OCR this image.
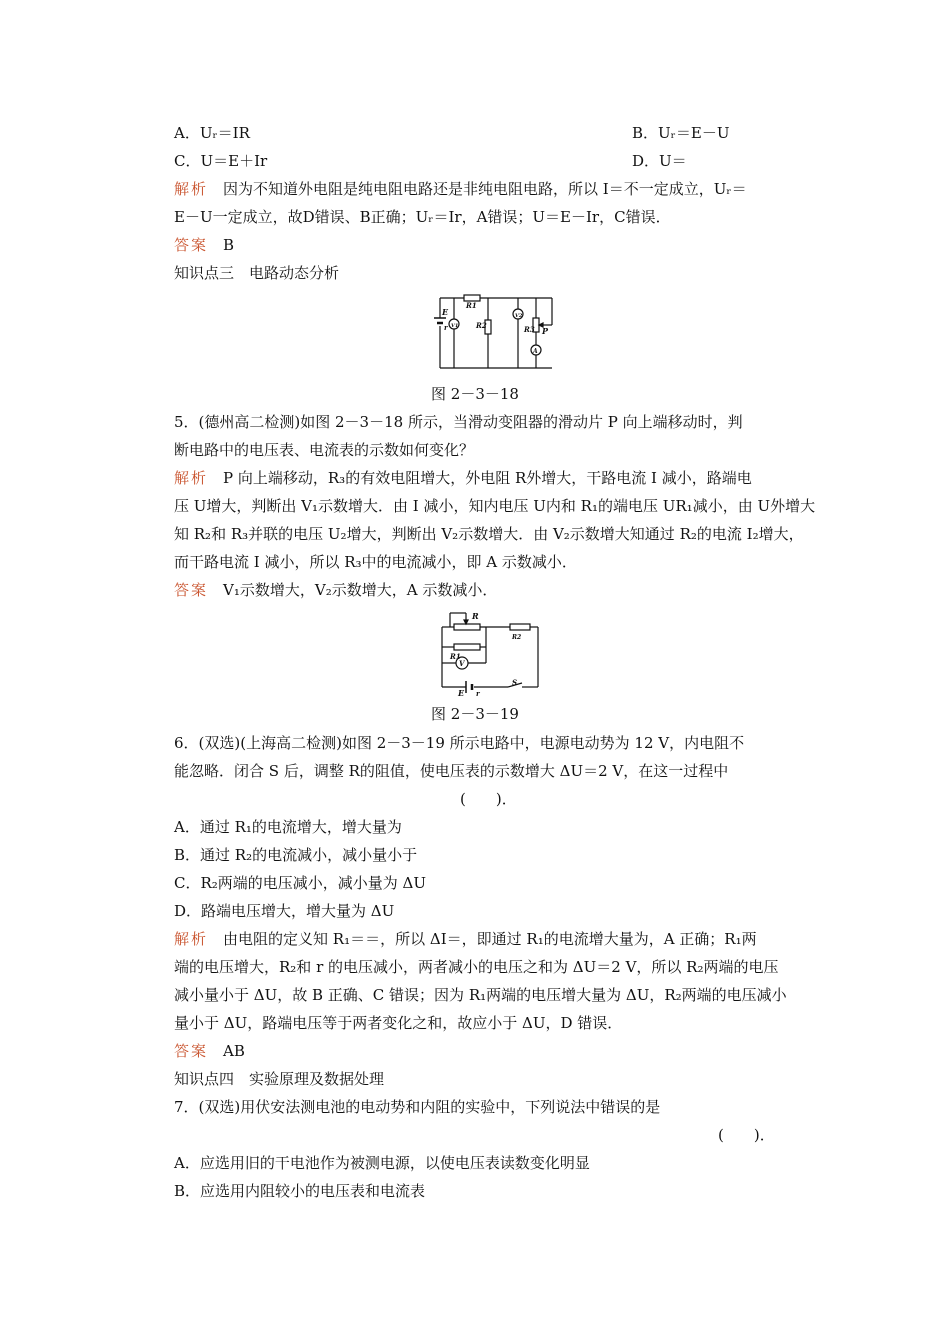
A．Uᵣ＝IR	B．Uᵣ＝E－U
C．U＝E＋Ir	D．U＝
解析　 因为不知道外电阻是纯电阻电路还是非纯电阻电路，所以 I＝不一定成立，Uᵣ＝
E－U一定成立，故D错误、B正确；Uᵣ＝Ir，A错误；U＝E－Ir，C错误．
答案　 B
知识点三　电路动态分析
R1
R2	R3
E
r V1
V2
A
P
图 2－3－18
5．(德州高二检测)如图 2－3－18 所示，当滑动变阻器的滑动片 P 向上端移动时，判
断电路中的电压表、电流表的示数如何变化？
解析　 P 向上端移动，R₃的有效电阻增大，外电阻 R外增大，干路电流 I 减小，路端电
压 U增大，判断出 V₁示数增大．由 I 减小，知内电压 U内和 R₁的端电压 UR₁减小，由 U外增大
知 R₂和 R₃并联的电压 U₂增大，判断出 V₂示数增大．由 V₂示数增大知通过 R₂的电流 I₂增大，
而干路电流 I 减小，所以 R₃中的电流减小，即 A 示数减小．
答案　 V₁示数增大，V₂示数增大，A 示数减小．
R
R2
R1
V
E r
S
图 2－3－19
6．(双选)(上海高二检测)如图 2－3－19 所示电路中，电源电动势为 12 V，内电阻不
能忽略．闭合 S 后，调整 R的阻值，使电压表的示数增大 ΔU＝2 V，在这一过程中
(　　)．
A．通过 R₁的电流增大，增大量为
B．通过 R₂的电流减小，减小量小于
C．R₂两端的电压减小，减小量为 ΔU
D．路端电压增大，增大量为 ΔU
解析　 由电阻的定义知 R₁＝＝，所以 ΔI＝，即通过 R₁的电流增大量为，A 正确；R₁两
端的电压增大，R₂和 r 的电压减小，两者减小的电压之和为 ΔU＝2 V，所以 R₂两端的电压
减小量小于 ΔU，故 B 正确、C 错误；因为 R₁两端的电压增大量为 ΔU，R₂两端的电压减小
量小于 ΔU，路端电压等于两者变化之和，故应小于 ΔU，D 错误．
答案　 AB
知识点四　实验原理及数据处理
7．(双选)用伏安法测电池的电动势和内阻的实验中，下列说法中错误的是
(　　)．
A．应选用旧的干电池作为被测电源，以使电压表读数变化明显
B．应选用内阻较小的电压表和电流表
